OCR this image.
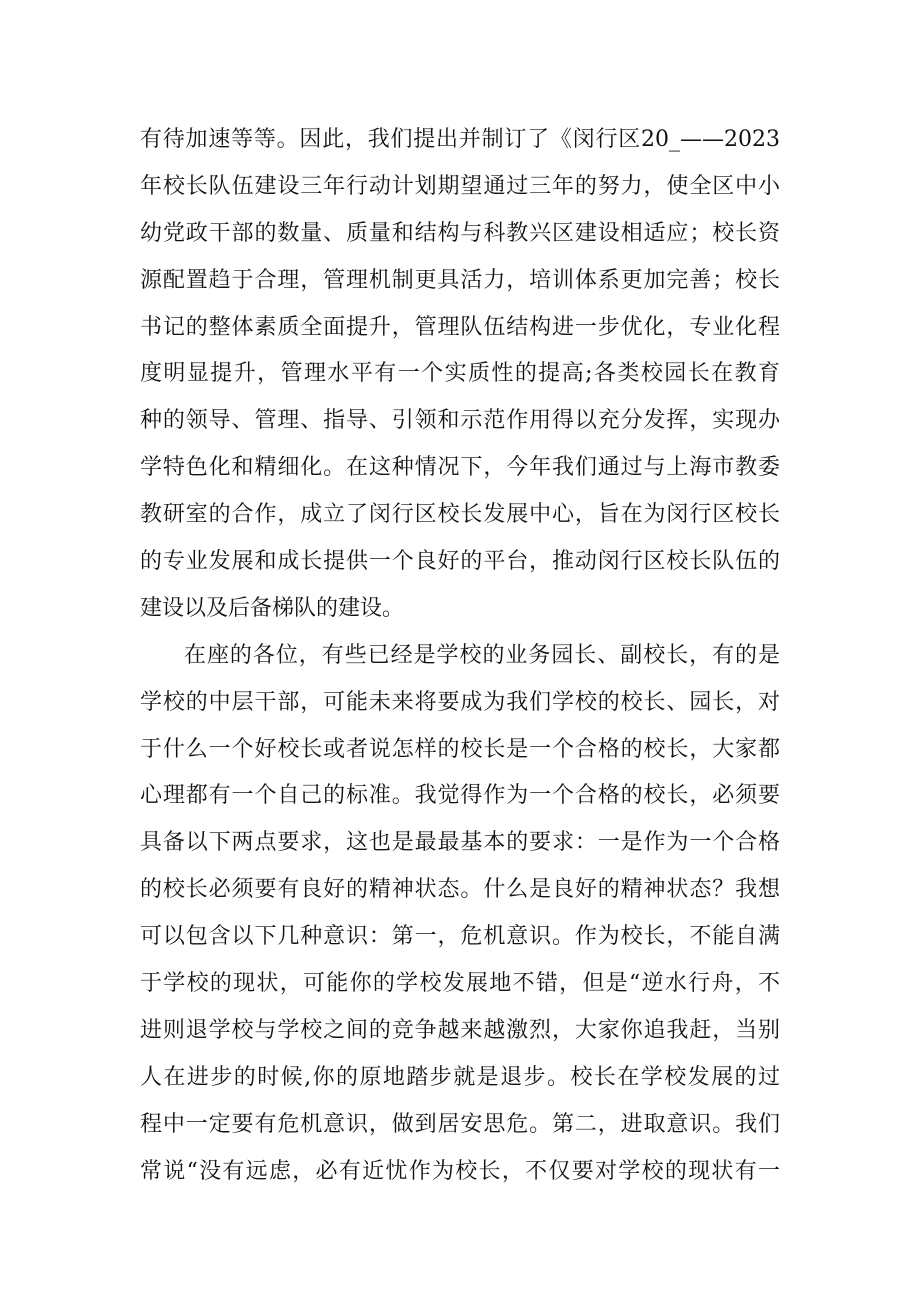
有待加速等等。因此，我们提出并制订了《闵行区20_——2023
年校长队伍建设三年行动计划期望通过三年的努力，使全区中小
幼党政干部的数量、质量和结构与科教兴区建设相适应；校长资
源配置趋于合理，管理机制更具活力，培训体系更加完善；校长
书记的整体素质全面提升，管理队伍结构进一步优化，专业化程
度明显提升，管理水平有一个实质性的提高;各类校园长在教育
种的领导、管理、指导、引领和示范作用得以充分发挥，实现办
学特色化和精细化。在这种情况下，今年我们通过与上海市教委
教研室的合作，成立了闵行区校长发展中心，旨在为闵行区校长
的专业发展和成长提供一个良好的平台，推动闵行区校长队伍的
建设以及后备梯队的建设。
在座的各位，有些已经是学校的业务园长、副校长，有的是
学校的中层干部，可能未来将要成为我们学校的校长、园长，对
于什么一个好校长或者说怎样的校长是一个合格的校长，大家都
心理都有一个自己的标准。我觉得作为一个合格的校长，必须要
具备以下两点要求，这也是最最基本的要求：一是作为一个合格
的校长必须要有良好的精神状态。什么是良好的精神状态？我想
可以包含以下几种意识：第一，危机意识。作为校长，不能自满
于学校的现状，可能你的学校发展地不错，但是“逆水行舟，不
进则退学校与学校之间的竞争越来越激烈，大家你追我赶，当别
人在进步的时候,你的原地踏步就是退步。校长在学校发展的过
程中一定要有危机意识，做到居安思危。第二，进取意识。我们
常说“没有远虑，必有近忧作为校长，不仅要对学校的现状有一
